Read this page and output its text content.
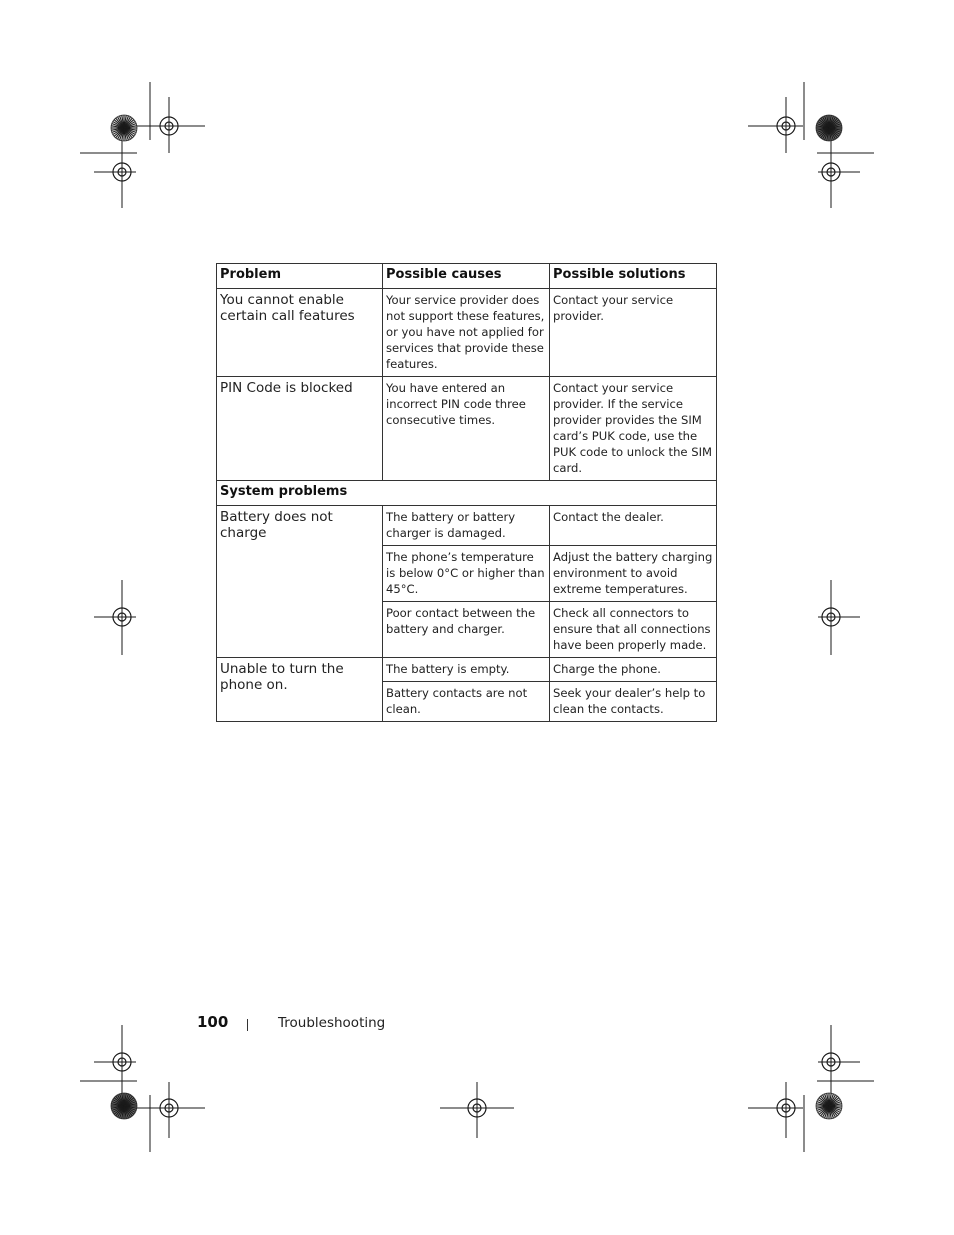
Problem	Possible causes	Possible solutions
You cannot enable certain call features	Your service provider does not support these features, or you have not applied for services that provide these features.	Contact your service provider.
PIN Code is blocked	You have entered an incorrect PIN code three consecutive times.	Contact your service provider. If the service provider provides the SIM card’s PUK code, use the PUK code to unlock the SIM card.
System problems		
Battery does not charge	The battery or battery charger is damaged.	Contact the dealer.
	The phone’s temperature is below 0°C or higher than 45°C.	Adjust the battery charging environment to avoid extreme temperatures.
	Poor contact between the battery and charger.	Check all connectors to ensure that all connections have been properly made.
Unable to turn the phone on.	The battery is empty.	Charge the phone.
	Battery contacts are not clean.	Seek your dealer’s help to clean the contacts.
100	Troubleshooting
